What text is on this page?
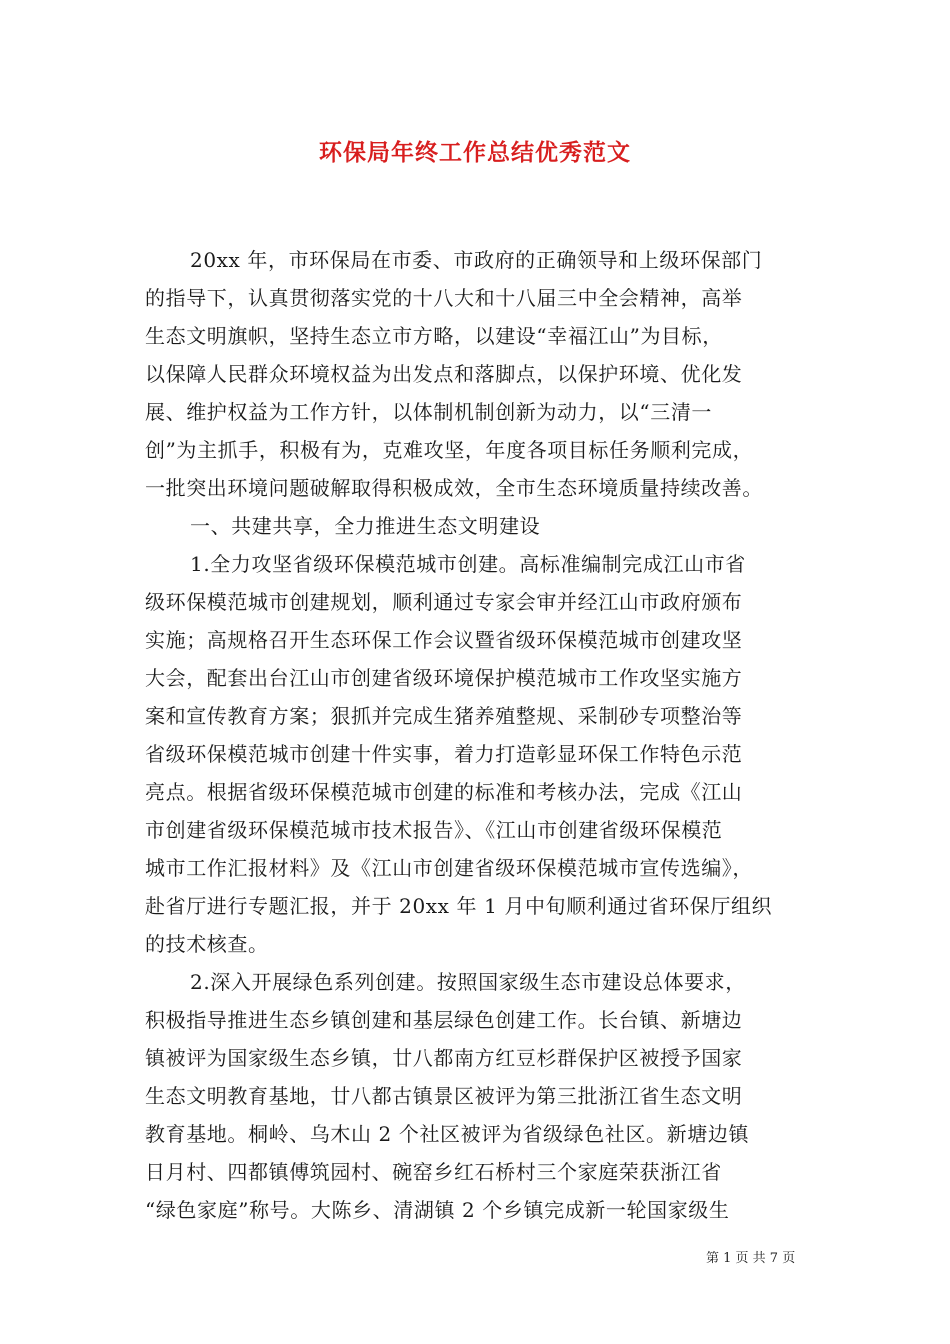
环保局年终工作总结优秀范文
20xx 年，市环保局在市委、市政府的正确领导和上级环保部门
的指导下，认真贯彻落实党的十八大和十八届三中全会精神，高举
生态文明旗帜，坚持生态立市方略，以建设“幸福江山”为目标，
以保障人民群众环境权益为出发点和落脚点，以保护环境、优化发
展、维护权益为工作方针，以体制机制创新为动力，以“三清一
创”为主抓手，积极有为，克难攻坚，年度各项目标任务顺利完成，
一批突出环境问题破解取得积极成效，全市生态环境质量持续改善。
一、共建共享，全力推进生态文明建设
1.全力攻坚省级环保模范城市创建。高标准编制完成江山市省
级环保模范城市创建规划，顺利通过专家会审并经江山市政府颁布
实施；高规格召开生态环保工作会议暨省级环保模范城市创建攻坚
大会，配套出台江山市创建省级环境保护模范城市工作攻坚实施方
案和宣传教育方案；狠抓并完成生猪养殖整规、采制砂专项整治等
省级环保模范城市创建十件实事，着力打造彰显环保工作特色示范
亮点。根据省级环保模范城市创建的标准和考核办法，完成《江山
市创建省级环保模范城市技术报告》、《江山市创建省级环保模范
城市工作汇报材料》及《江山市创建省级环保模范城市宣传选编》，
赴省厅进行专题汇报，并于 20xx 年 1 月中旬顺利通过省环保厅组织
的技术核查。
2.深入开展绿色系列创建。按照国家级生态市建设总体要求，
积极指导推进生态乡镇创建和基层绿色创建工作。长台镇、新塘边
镇被评为国家级生态乡镇，廿八都南方红豆杉群保护区被授予国家
生态文明教育基地，廿八都古镇景区被评为第三批浙江省生态文明
教育基地。桐岭、乌木山 2 个社区被评为省级绿色社区。新塘边镇
日月村、四都镇傅筑园村、碗窑乡红石桥村三个家庭荣获浙江省
“绿色家庭”称号。大陈乡、清湖镇 2 个乡镇完成新一轮国家级生
第 1 页 共 7 页
